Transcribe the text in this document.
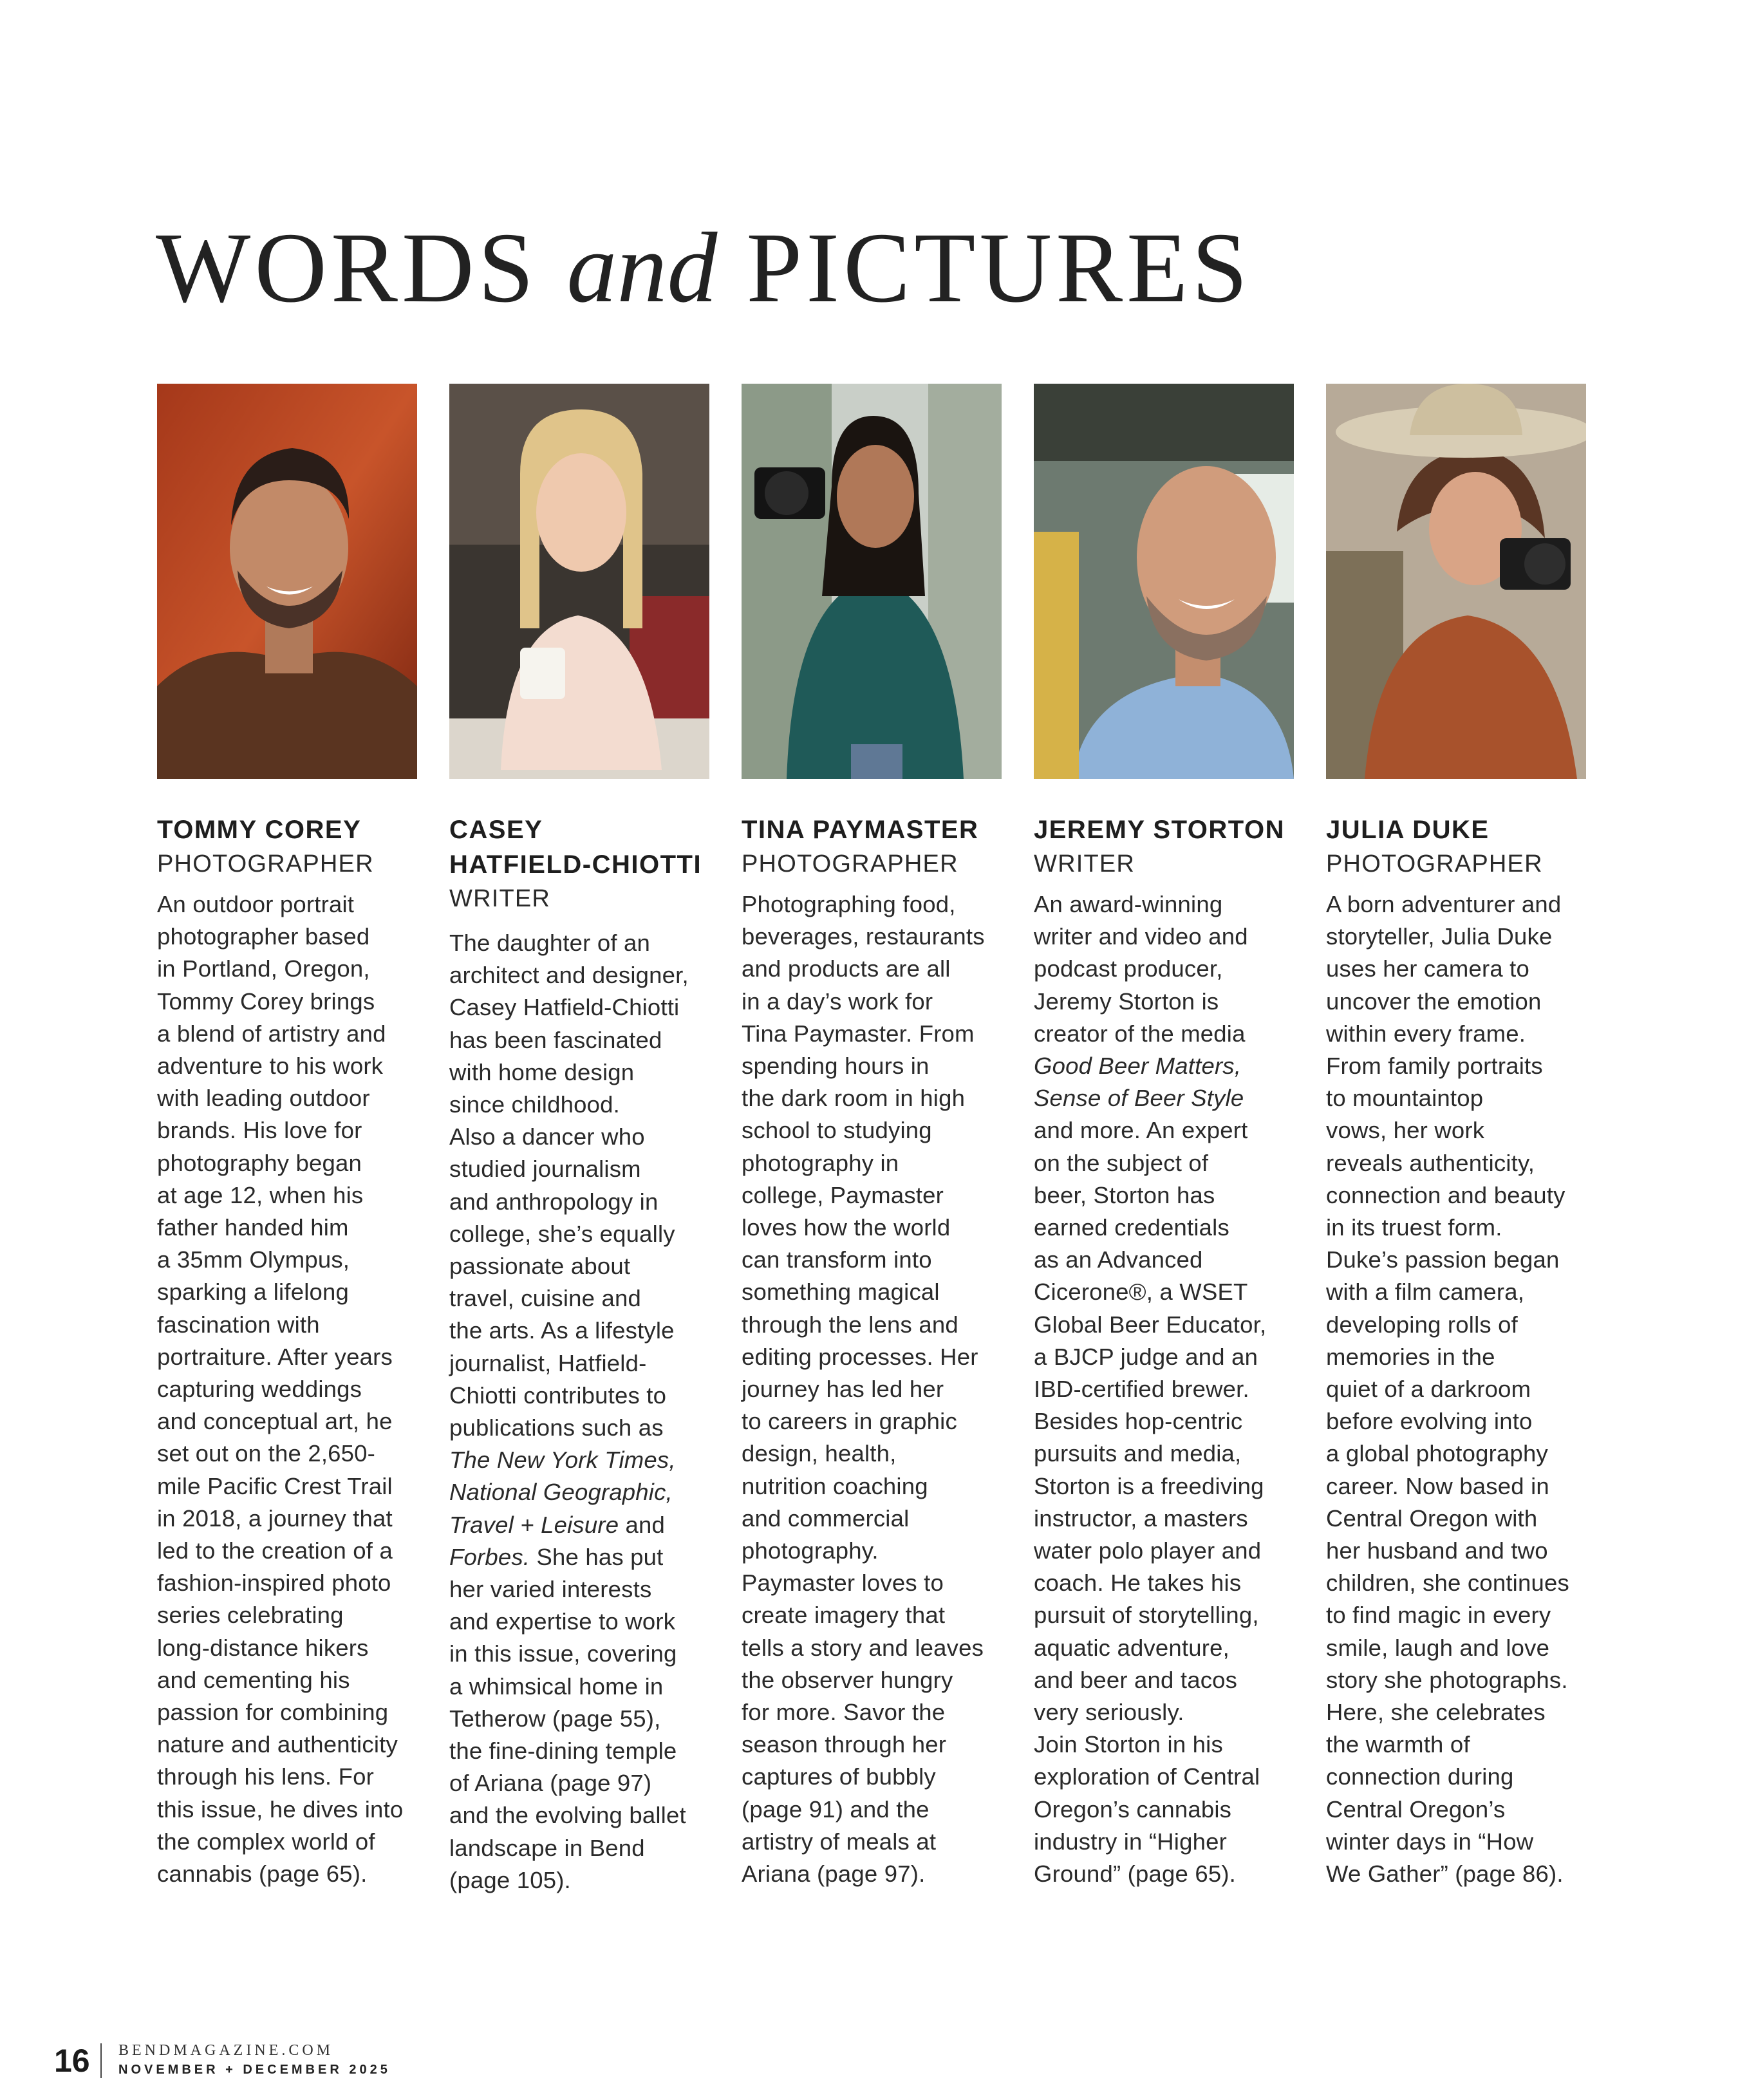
WORDS and PICTURES
TOMMY COREY
PHOTOGRAPHER
An outdoor portrait
photographer based
in Portland, Oregon,
Tommy Corey brings
a blend of artistry and
adventure to his work
with leading outdoor
brands. His love for
photography began
at age 12, when his
father handed him
a 35mm Olympus,
sparking a lifelong
fascination with
portraiture. After years
capturing weddings
and conceptual art, he
set out on the 2,650-
mile Pacific Crest Trail
in 2018, a journey that
led to the creation of a
fashion-inspired photo
series celebrating
long-distance hikers
and cementing his
passion for combining
nature and authenticity
through his lens. For
this issue, he dives into
the complex world of
cannabis (page 65).
CASEY
HATFIELD-CHIOTTI
WRITER
The daughter of an
architect and designer,
Casey Hatfield-Chiotti
has been fascinated
with home design
since childhood.
Also a dancer who
studied journalism
and anthropology in
college, she’s equally
passionate about
travel, cuisine and
the arts. As a lifestyle
journalist, Hatfield-
Chiotti contributes to
publications such as
The New York Times,
National Geographic,
Travel + Leisure and
Forbes. She has put
her varied interests
and expertise to work
in this issue, covering
a whimsical home in
Tetherow (page 55),
the fine-dining temple
of Ariana (page 97)
and the evolving ballet
landscape in Bend
(page 105).
TINA PAYMASTER
PHOTOGRAPHER
Photographing food,
beverages, restaurants
and products are all
in a day’s work for
Tina Paymaster. From
spending hours in
the dark room in high
school to studying
photography in
college, Paymaster
loves how the world
can transform into
something magical
through the lens and
editing processes. Her
journey has led her
to careers in graphic
design, health,
nutrition coaching
and commercial
photography.
Paymaster loves to
create imagery that
tells a story and leaves
the observer hungry
for more. Savor the
season through her
captures of bubbly
(page 91) and the
artistry of meals at
Ariana (page 97).
JEREMY STORTON
WRITER
An award-winning
writer and video and
podcast producer,
Jeremy Storton is
creator of the media
Good Beer Matters,
Sense of Beer Style
and more. An expert
on the subject of
beer, Storton has
earned credentials
as an Advanced
Cicerone®, a WSET
Global Beer Educator,
a BJCP judge and an
IBD-certified brewer.
Besides hop-centric
pursuits and media,
Storton is a freediving
instructor, a masters
water polo player and
coach. He takes his
pursuit of storytelling,
aquatic adventure,
and beer and tacos
very seriously.
Join Storton in his
exploration of Central
Oregon’s cannabis
industry in “Higher
Ground” (page 65).
JULIA DUKE
PHOTOGRAPHER
A born adventurer and
storyteller, Julia Duke
uses her camera to
uncover the emotion
within every frame.
From family portraits
to mountaintop
vows, her work
reveals authenticity,
connection and beauty
in its truest form.
Duke’s passion began
with a film camera,
developing rolls of
memories in the
quiet of a darkroom
before evolving into
a global photography
career. Now based in
Central Oregon with
her husband and two
children, she continues
to find magic in every
smile, laugh and love
story she photographs.
Here, she celebrates
the warmth of
connection during
Central Oregon’s
winter days in “How
We Gather” (page 86).
16 BENDMAGAZINE.COM
NOVEMBER + DECEMBER 2025
